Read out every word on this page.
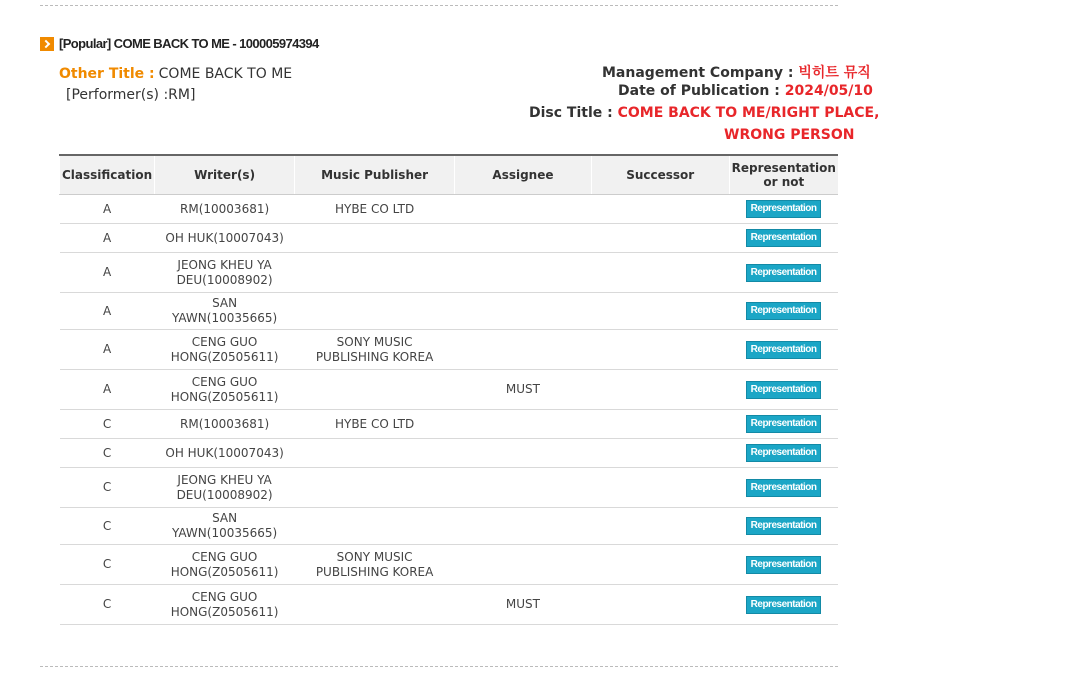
[Popular] COME BACK TO ME - 100005974394
Other Title : COME BACK TO ME
[Performer(s) :RM]
Management Company : 빅히트 뮤직
Date of Publication : 2024/05/10
Disc Title : COME BACK TO ME/RIGHT PLACE,
WRONG PERSON
Classification	Writer(s)	Music Publisher	Assignee	Successor	Representation or not
A	RM(10003681)	HYBE CO LTD			Representation
A	OH HUK(10007043)				Representation
A	JEONG KHEU YA DEU(10008902)				Representation
A	SAN YAWN(10035665)				Representation
A	CENG GUO HONG(Z0505611)	SONY MUSIC PUBLISHING KOREA			Representation
A	CENG GUO HONG(Z0505611)		MUST		Representation
C	RM(10003681)	HYBE CO LTD			Representation
C	OH HUK(10007043)				Representation
C	JEONG KHEU YA DEU(10008902)				Representation
C	SAN YAWN(10035665)				Representation
C	CENG GUO HONG(Z0505611)	SONY MUSIC PUBLISHING KOREA			Representation
C	CENG GUO HONG(Z0505611)		MUST		Representation
